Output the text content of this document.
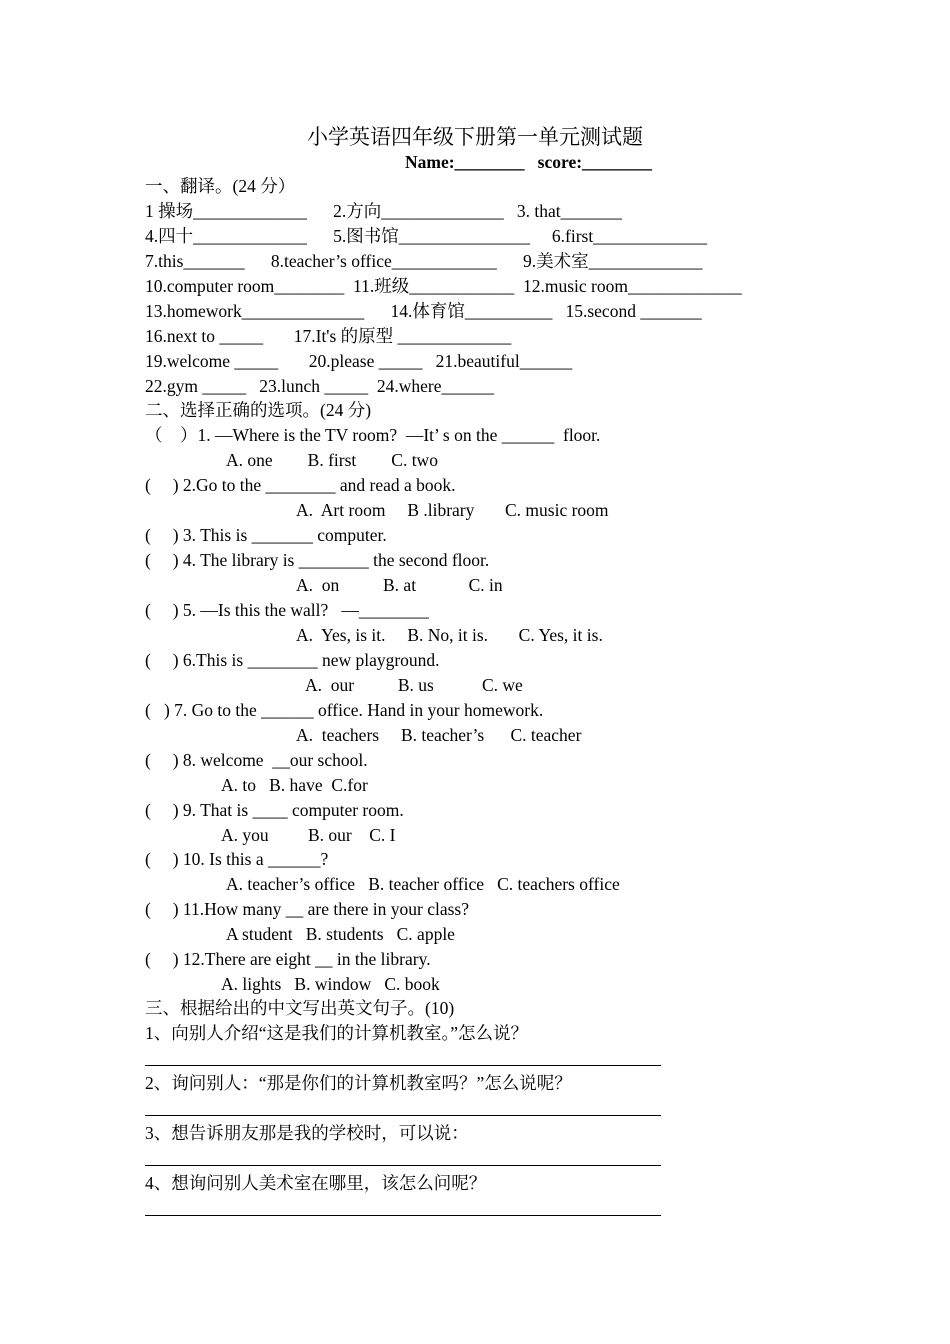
小学英语四年级下册第一单元测试题
Name:________   score:________
一、翻译。(24 分）
1 操场_____________      2.方向______________   3. that_______
4.四十_____________      5.图书馆_______________     6.first_____________
7.this_______      8.teacher’s office____________      9.美术室_____________
10.computer room________  11.班级____________  12.music room_____________
13.homework______________      14.体育馆__________   15.second _______
16.next to _____       17.It's 的原型 _____________
19.welcome _____       20.please _____   21.beautiful______
22.gym _____   23.lunch _____  24.where______
二、选择正确的选项。(24 分)
（    ）1. —Where is the TV room?  —It’ s on the ______  floor.
A. one        B. first        C. two
(     ) 2.Go to the ________ and read a book.
A.  Art room     B .library       C. music room
(     ) 3. This is _______ computer.
(     ) 4. The library is ________ the second floor.
A.  on          B. at            C. in
(     ) 5. —Is this the wall?   —________
A.  Yes, is it.     B. No, it is.       C. Yes, it is.
(     ) 6.This is ________ new playground.
A.  our          B. us           C. we
(   ) 7. Go to the ______ office. Hand in your homework.
A.  teachers     B. teacher’s      C. teacher
(     ) 8. welcome  __our school.
A. to   B. have  C.for
(     ) 9. That is ____ computer room.
A. you         B. our    C. I
(     ) 10. Is this a ______?
A. teacher’s office   B. teacher office   C. teachers office
(     ) 11.How many __ are there in your class?
A student   B. students   C. apple
(     ) 12.There are eight __ in the library.
A. lights   B. window   C. book
三、根据给出的中文写出英文句子。(10)
1、向别人介绍“这是我们的计算机教室。”怎么说？
2、询问别人：“那是你们的计算机教室吗？”怎么说呢？
3、想告诉朋友那是我的学校时，可以说：
4、想询问别人美术室在哪里，该怎么问呢？
